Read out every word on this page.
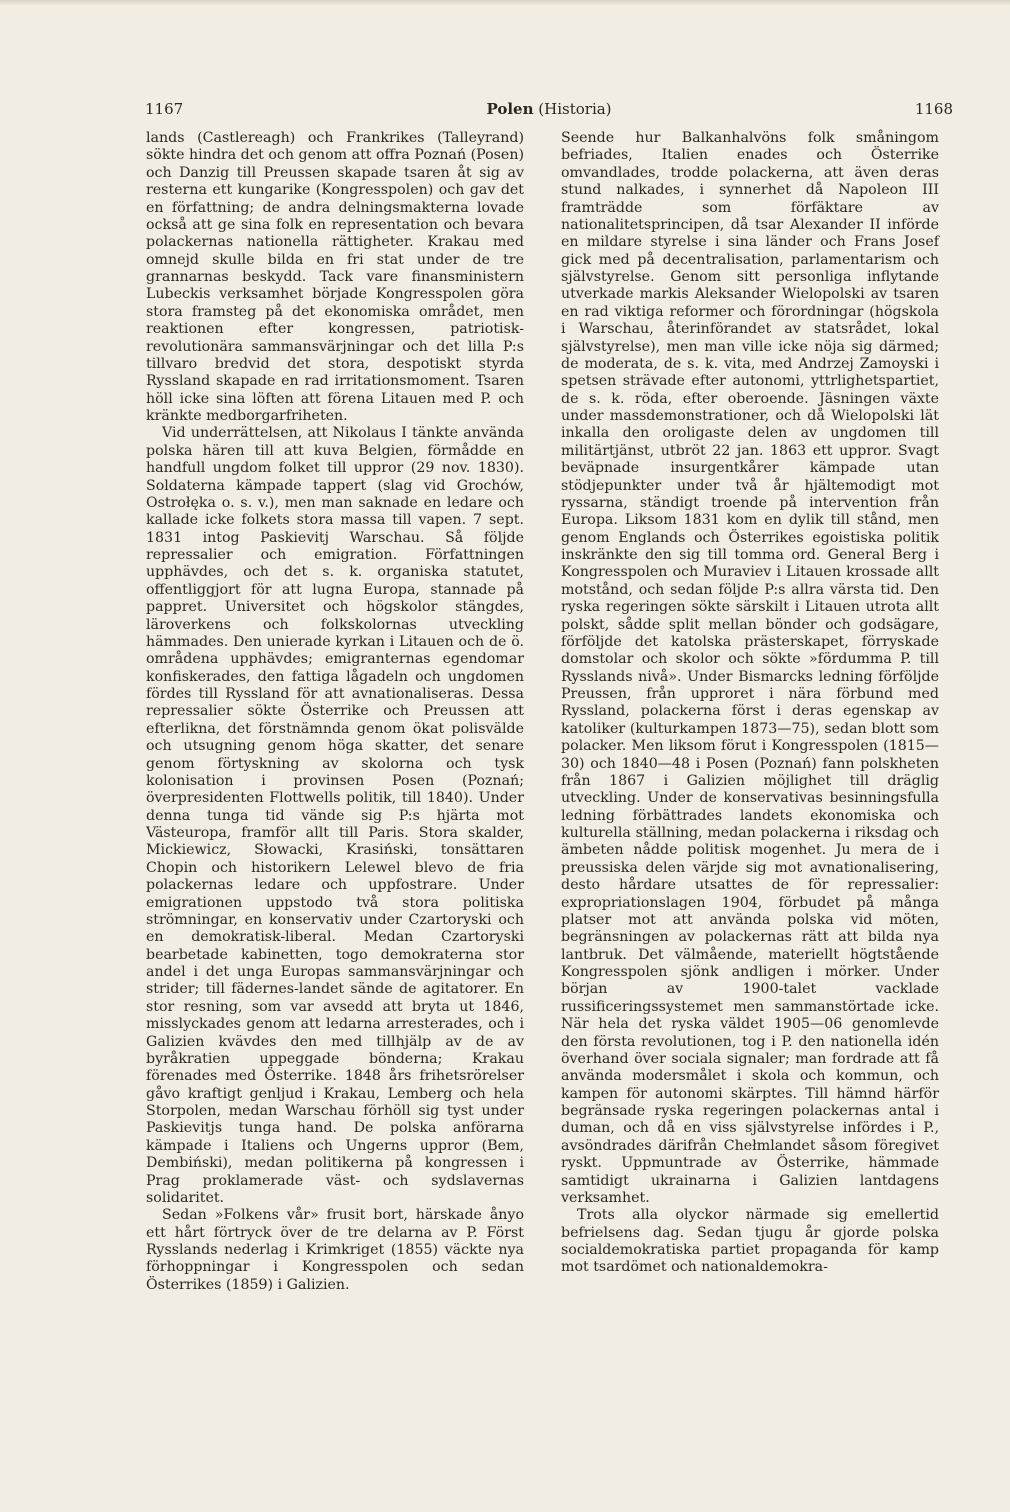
1167	Polen (Historia)	1168

lands (Castlereagh) och Frankrikes (Talleyrand) sökte hindra det och genom att offra Poznań (Posen) och Danzig till Preussen skapade tsaren åt sig av resterna ett kungarike (Kongresspolen) och gav det en författning; de andra delningsmakterna lovade också att ge sina folk en representation och bevara polackernas nationella rättigheter. Krakau med omnejd skulle bilda en fri stat under de tre grannarnas beskydd. Tack vare finansministern Lubeckis verksamhet började Kongresspolen göra stora framsteg på det ekonomiska området, men reaktionen efter kongressen, patriotisk-revolutionära sammansvärjningar och det lilla P:s tillvaro bredvid det stora, despotiskt styrda Ryssland skapade en rad irritationsmoment. Tsaren höll icke sina löften att förena Litauen med P. och kränkte medborgarfriheten.

Vid underrättelsen, att Nikolaus I tänkte använda polska hären till att kuva Belgien, förmådde en handfull ungdom folket till uppror (29 nov. 1830). Soldaterna kämpade tappert (slag vid Grochów, Ostrołęka o. s. v.), men man saknade en ledare och kallade icke folkets stora massa till vapen. 7 sept. 1831 intog Paskievitj Warschau. Så följde repressalier och emigration. Författningen upphävdes, och det s. k. organiska statutet, offentliggjort för att lugna Europa, stannade på pappret. Universitet och högskolor stängdes, läroverkens och folkskolornas utveckling hämmades. Den unierade kyrkan i Litauen och de ö. områdena upphävdes; emigranternas egendomar konfiskerades, den fattiga lågadeln och ungdomen fördes till Ryssland för att avnationaliseras. Dessa repressalier sökte Österrike och Preussen att efterlikna, det förstnämnda genom ökat polisvälde och utsugning genom höga skatter, det senare genom förtyskning av skolorna och tysk kolonisation i provinsen Posen (Poznań; överpresidenten Flottwells politik, till 1840). Under denna tunga tid vände sig P:s hjärta mot Västeuropa, framför allt till Paris. Stora skalder, Mickiewicz, Słowacki, Krasiński, tonsättaren Chopin och historikern Lelewel blevo de fria polackernas ledare och uppfostrare. Under emigrationen uppstodo två stora politiska strömningar, en konservativ under Czartoryski och en demokratisk-liberal. Medan Czartoryski bearbetade kabinetten, togo demokraterna stor andel i det unga Europas sammansvärjningar och strider; till fädernes-landet sände de agitatorer. En stor resning, som var avsedd att bryta ut 1846, misslyckades genom att ledarna arresterades, och i Galizien kvävdes den med tillhjälp av de av byråkratien uppeggade bönderna; Krakau förenades med Österrike. 1848 års frihetsrörelser gåvo kraftigt genljud i Krakau, Lemberg och hela Storpolen, medan Warschau förhöll sig tyst under Paskievitjs tunga hand. De polska anförarna kämpade i Italiens och Ungerns uppror (Bem, Dembiński), medan politikerna på kongressen i Prag proklamerade väst- och sydslavernas solidaritet.

Sedan »Folkens vår» frusit bort, härskade ånyo ett hårt förtryck över de tre delarna av P. Först Rysslands nederlag i Krimkriget (1855) väckte nya förhoppningar i Kongresspolen och sedan Österrikes (1859) i Galizien.

Seende hur Balkanhalvöns folk småningom befriades, Italien enades och Österrike omvandlades, trodde polackerna, att även deras stund nalkades, i synnerhet då Napoleon III framträdde som förfäktare av nationalitetsprincipen, då tsar Alexander II införde en mildare styrelse i sina länder och Frans Josef gick med på decentralisation, parlamentarism och självstyrelse. Genom sitt personliga inflytande utverkade markis Aleksander Wielopolski av tsaren en rad viktiga reformer och förordningar (högskola i Warschau, återinförandet av statsrådet, lokal självstyrelse), men man ville icke nöja sig därmed; de moderata, de s. k. vita, med Andrzej Zamoyski i spetsen strävade efter autonomi, yttrlighetspartiet, de s. k. röda, efter oberoende. Jäsningen växte under massdemonstrationer, och då Wielopolski lät inkalla den oroligaste delen av ungdomen till militärtjänst, utbröt 22 jan. 1863 ett uppror. Svagt beväpnade insurgentkårer kämpade utan stödjepunkter under två år hjältemodigt mot ryssarna, ständigt troende på intervention från Europa. Liksom 1831 kom en dylik till stånd, men genom Englands och Österrikes egoistiska politik inskränkte den sig till tomma ord. General Berg i Kongresspolen och Muraviev i Litauen krossade allt motstånd, och sedan följde P:s allra värsta tid. Den ryska regeringen sökte särskilt i Litauen utrota allt polskt, sådde split mellan bönder och godsägare, förföljde det katolska prästerskapet, förryskade domstolar och skolor och sökte »fördumma P. till Rysslands nivå». Under Bismarcks ledning förföljde Preussen, från upproret i nära förbund med Ryssland, polackerna först i deras egenskap av katoliker (kulturkampen 1873—75), sedan blott som polacker. Men liksom förut i Kongresspolen (1815—30) och 1840—48 i Posen (Poznań) fann polskheten från 1867 i Galizien möjlighet till dräglig utveckling. Under de konservativas besinningsfulla ledning förbättrades landets ekonomiska och kulturella ställning, medan polackerna i riksdag och ämbeten nådde politisk mogenhet. Ju mera de i preussiska delen värjde sig mot avnationalisering, desto hårdare utsattes de för repressalier: expropriationslagen 1904, förbudet på många platser mot att använda polska vid möten, begränsningen av polackernas rätt att bilda nya lantbruk. Det välmående, materiellt högtstående Kongresspolen sjönk andligen i mörker. Under början av 1900-talet vacklade russificeringssystemet men sammanstörtade icke. När hela det ryska väldet 1905—06 genomlevde den första revolutionen, tog i P. den nationella idén överhand över sociala signaler; man fordrade att få använda modersmålet i skola och kommun, och kampen för autonomi skärptes. Till hämnd härför begränsade ryska regeringen polackernas antal i duman, och då en viss självstyrelse infördes i P., avsöndrades därifrån Chełmlandet såsom föregivet ryskt. Uppmuntrade av Österrike, hämmade samtidigt ukrainarna i Galizien lantdagens verksamhet.

Trots alla olyckor närmade sig emellertid befrielsens dag. Sedan tjugu år gjorde polska socialdemokratiska partiet propaganda för kamp mot tsardömet och nationaldemokra-
